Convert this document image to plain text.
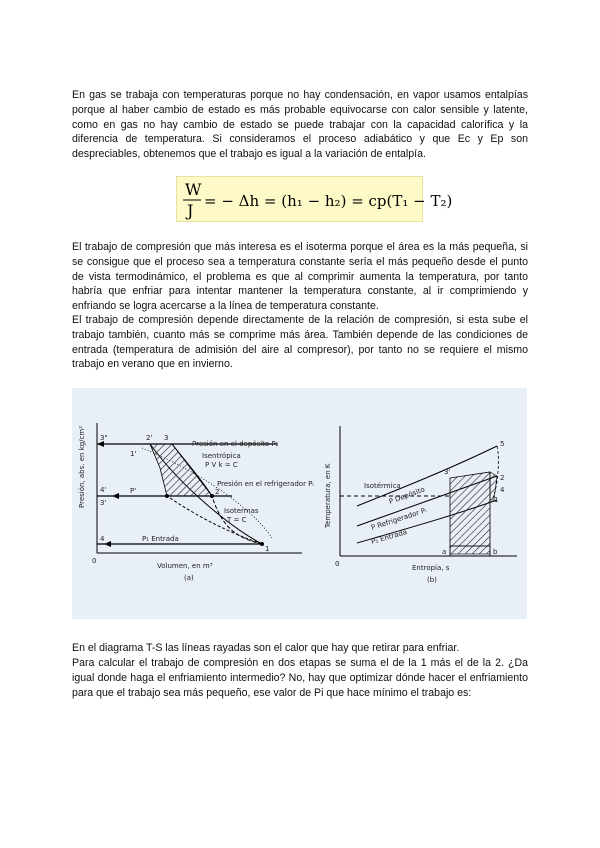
En gas se trabaja con temperaturas porque no hay condensación, en vapor usamos entalpías porque al haber cambio de estado es más probable equivocarse con calor sensible y latente, como en gas no hay cambio de estado se puede trabajar con la capacidad calorífica y la diferencia de temperatura. Si consideramos el proceso adiabático y que Ec y Ep son despreciables, obtenemos que el trabajo es igual a la variación de entalpía.

W
J = − Δh = (h₁ − h₂) = cp(T₁ − T₂)

El trabajo de compresión que más interesa es el isoterma porque el área es la más pequeña, si se consigue que el proceso sea a temperatura constante sería el más pequeño desde el punto de vista termodinámico, el problema es que al comprimir aumenta la temperatura, por tanto habría que enfriar para intentar mantener la temperatura constante, al ir comprimiendo y enfriando se logra acercarse a la línea de temperatura constante.

El trabajo de compresión depende directamente de la relación de compresión, si esta sube el trabajo también, cuanto más se comprime más área. También depende de las condiciones de entrada (temperatura de admisión del aire al compresor), por tanto no se requiere el mismo trabajo en verano que en invierno.

Presión, abs. en kg/cm²
Volumen, en m³
0
(a)
Presión en el depósito P₂
Isentrópica
P V k = C
Presión en el refrigerador Pᵢ
Isotermas
T = C
P₁ Entrada
P'
3"	2' 3
1'
4'
3'
2
4
1
Temperatura, en K
Entropía, s
0
(b)
Isotérmica
P Depósito
P Refrigerador Pᵢ
P₁ Entrada
5
3'
2
4
1
a	b

En el diagrama T-S las líneas rayadas son el calor que hay que retirar para enfriar.

Para calcular el trabajo de compresión en dos etapas se suma el de la 1 más el de la 2. ¿Da igual donde haga el enfriamiento intermedio? No, hay que optimizar dónde hacer el enfriamiento para que el trabajo sea más pequeño, ese valor de Pi que hace mínimo el trabajo es:
